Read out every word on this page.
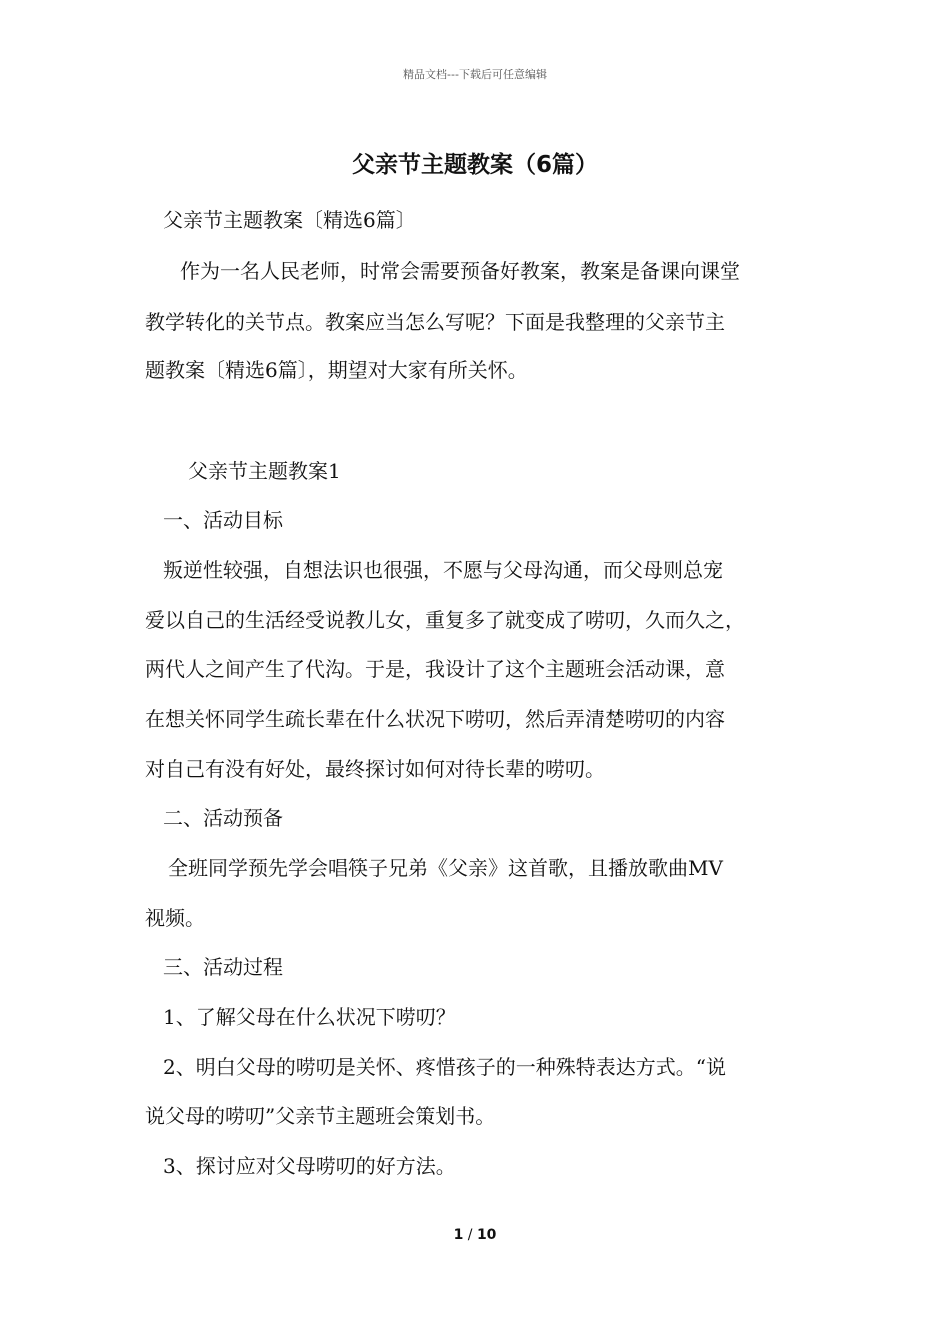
精品文档---下载后可任意编辑
父亲节主题教案（6篇）
父亲节主题教案〔精选6篇〕
作为一名人民老师，时常会需要预备好教案，教案是备课向课堂
教学转化的关节点。教案应当怎么写呢？下面是我整理的父亲节主
题教案〔精选6篇〕，期望对大家有所关怀。
父亲节主题教案1
一、活动目标
叛逆性较强，自想法识也很强，不愿与父母沟通，而父母则总宠
爱以自己的生活经受说教儿女，重复多了就变成了唠叨，久而久之，
两代人之间产生了代沟。于是，我设计了这个主题班会活动课，意
在想关怀同学生疏长辈在什么状况下唠叨，然后弄清楚唠叨的内容
对自己有没有好处，最终探讨如何对待长辈的唠叨。
二、活动预备
全班同学预先学会唱筷子兄弟《父亲》这首歌，且播放歌曲MV
视频。
三、活动过程
1、了解父母在什么状况下唠叨？
2、明白父母的唠叨是关怀、疼惜孩子的一种殊特表达方式。“说
说父母的唠叨”父亲节主题班会策划书。
3、探讨应对父母唠叨的好方法。
1 / 10
